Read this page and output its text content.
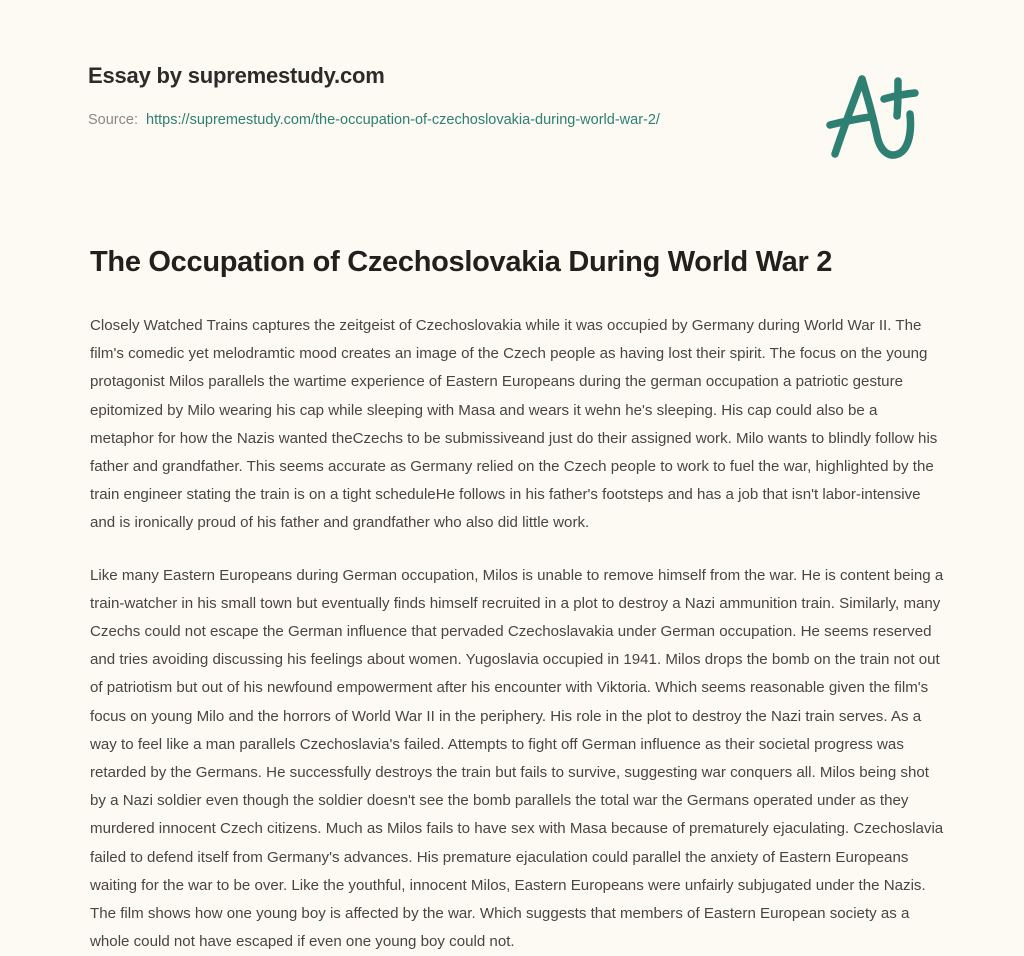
Essay by supremestudy.com

Source: https://supremestudy.com/the-occupation-of-czechoslovakia-during-world-war-2/

The Occupation of Czechoslovakia During World War 2

Closely Watched Trains captures the zeitgeist of Czechoslovakia while it was occupied by Germany during World War II. The film's comedic yet melodramtic mood creates an image of the Czech people as having lost their spirit. The focus on the young protagonist Milos parallels the wartime experience of Eastern Europeans during the german occupation a patriotic gesture epitomized by Milo wearing his cap while sleeping with Masa and wears it wehn he's sleeping. His cap could also be a metaphor for how the Nazis wanted theCzechs to be submissiveand just do their assigned work. Milo wants to blindly follow his father and grandfather. This seems accurate as Germany relied on the Czech people to work to fuel the war, highlighted by the train engineer stating the train is on a tight scheduleHe follows in his father's footsteps and has a job that isn't labor-intensive and is ironically proud of his father and grandfather who also did little work.

Like many Eastern Europeans during German occupation, Milos is unable to remove himself from the war. He is content being a train-watcher in his small town but eventually finds himself recruited in a plot to destroy a Nazi ammunition train. Similarly, many Czechs could not escape the German influence that pervaded Czechoslavakia under German occupation. He seems reserved and tries avoiding discussing his feelings about women. Yugoslavia occupied in 1941. Milos drops the bomb on the train not out of patriotism but out of his newfound empowerment after his encounter with Viktoria. Which seems reasonable given the film's focus on young Milo and the horrors of World War II in the periphery. His role in the plot to destroy the Nazi train serves. As a way to feel like a man parallels Czechoslavia's failed. Attempts to fight off German influence as their societal progress was retarded by the Germans. He successfully destroys the train but fails to survive, suggesting war conquers all. Milos being shot by a Nazi soldier even though the soldier doesn't see the bomb parallels the total war the Germans operated under as they murdered innocent Czech citizens. Much as Milos fails to have sex with Masa because of prematurely ejaculating. Czechoslavia failed to defend itself from Germany's advances. His premature ejaculation could parallel the anxiety of Eastern Europeans waiting for the war to be over. Like the youthful, innocent Milos, Eastern Europeans were unfairly subjugated under the Nazis. The film shows how one young boy is affected by the war. Which suggests that members of Eastern European society as a whole could not have escaped if even one young boy could not.
